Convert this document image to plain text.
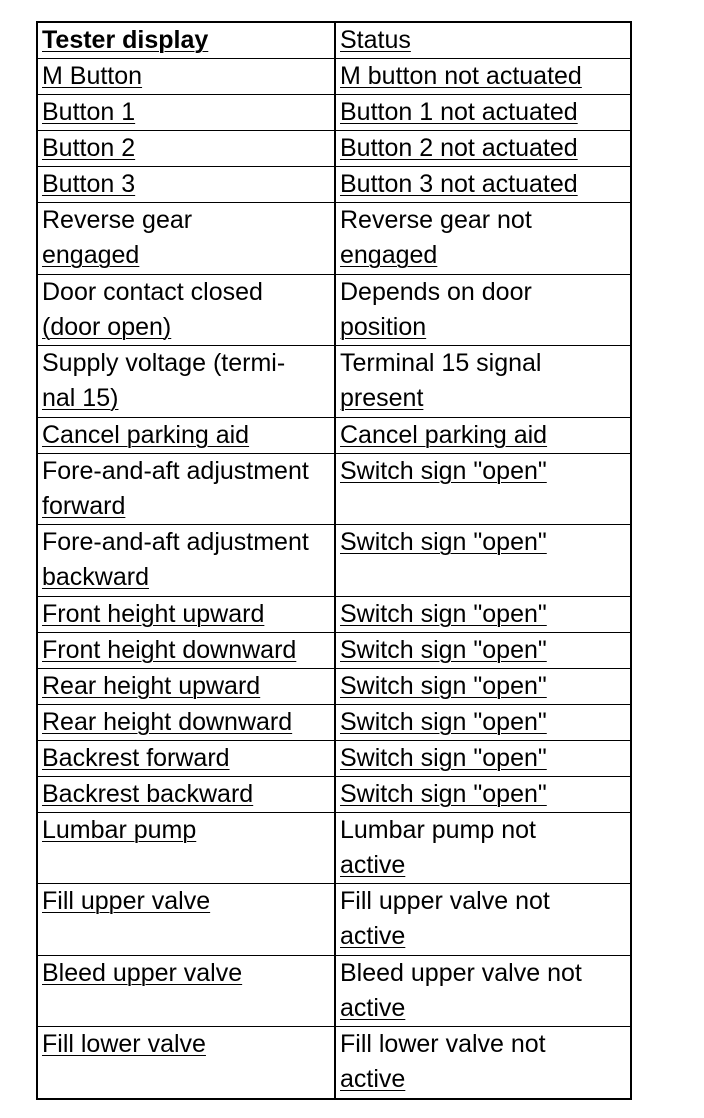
Tester display	Status

M Button	M button not actuated

Button 1	Button 1 not actuated

Button 2	Button 2 not actuated

Button 3	Button 3 not actuated

Reverse gear
engaged	Reverse gear not
engaged

Door contact closed
(door open)	Depends on door
position

Supply voltage (termi-
nal 15)	Terminal 15 signal
present

Cancel parking aid	Cancel parking aid

Fore-and-aft adjustment
forward	Switch sign "open"

Fore-and-aft adjustment
backward	Switch sign "open"

Front height upward	Switch sign "open"

Front height downward	Switch sign "open"

Rear height upward	Switch sign "open"

Rear height downward	Switch sign "open"

Backrest forward	Switch sign "open"

Backrest backward	Switch sign "open"

Lumbar pump	Lumbar pump not
active

Fill upper valve	Fill upper valve not
active

Bleed upper valve	Bleed upper valve not
active

Fill lower valve	Fill lower valve not
active
